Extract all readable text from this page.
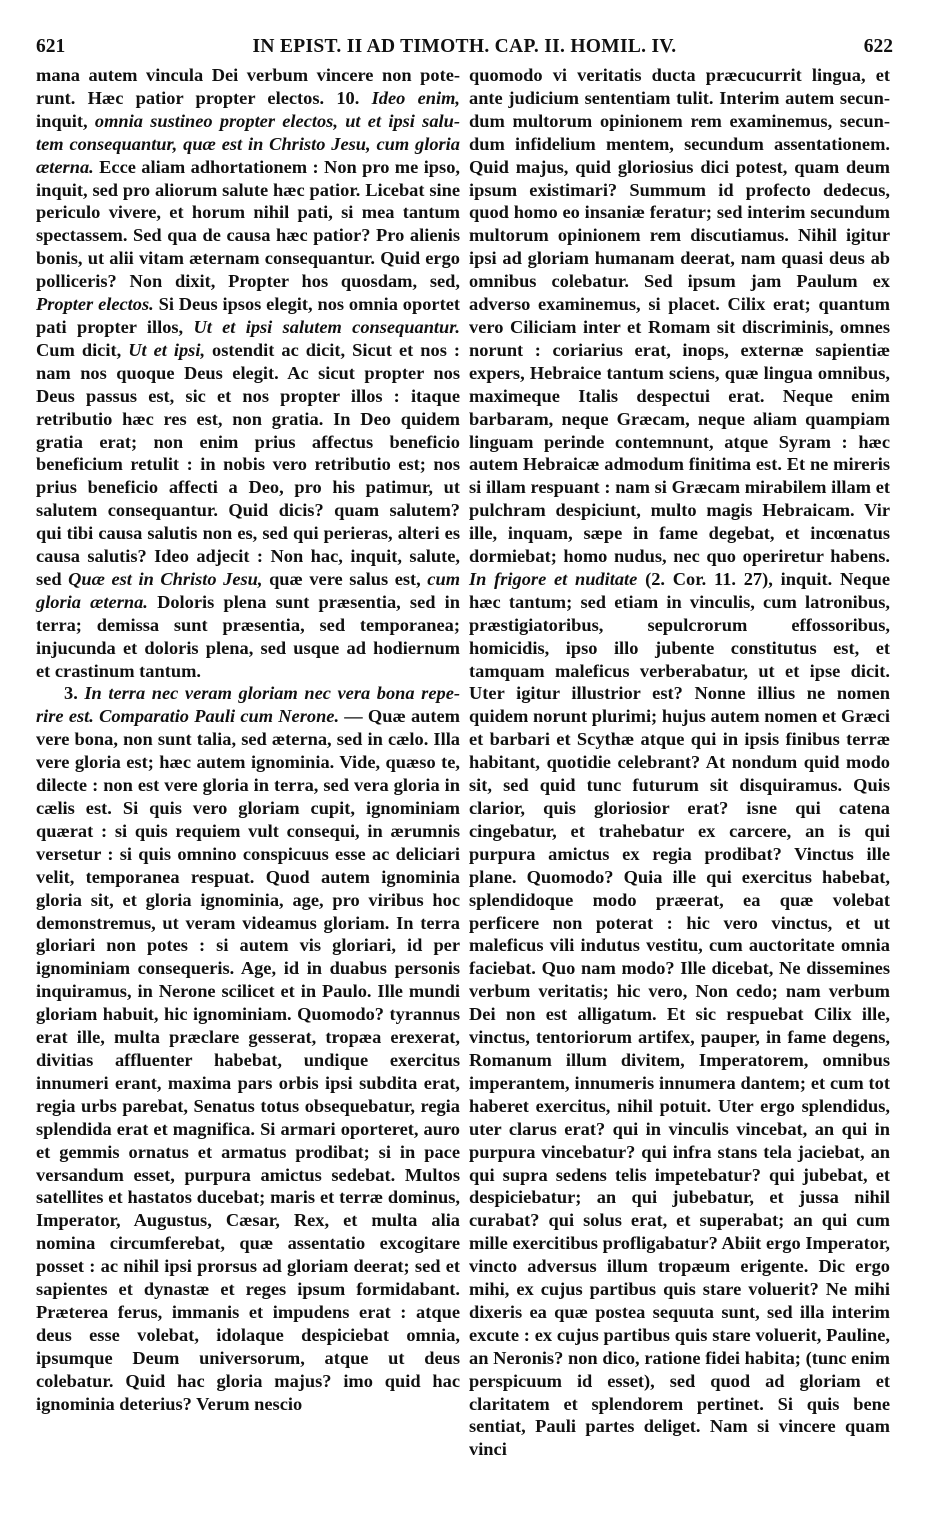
621	IN EPIST. II AD TIMOTH. CAP. II. HOMIL. IV.	622

mana autem vincula Dei verbum vincere non poterunt. Hæc patior propter electos. 10. Ideo enim, inquit, omnia sustineo propter electos, ut et ipsi salutem consequantur, quæ est in Christo Jesu, cum gloria æterna. Ecce aliam adhortationem : Non pro me ipso, inquit, sed pro aliorum salute hæc patior. Licebat sine periculo vivere, et horum nihil pati, si mea tantum spectassem. Sed qua de causa hæc patior? Pro alienis bonis, ut alii vitam æternam consequantur. Quid ergo polliceris? Non dixit, Propter hos quosdam, sed, Propter electos. Si Deus ipsos elegit, nos omnia oportet pati propter illos, Ut et ipsi salutem consequantur. Cum dicit, Ut et ipsi, ostendit ac dicit, Sicut et nos : nam nos quoque Deus elegit. Ac sicut propter nos Deus passus est, sic et nos propter illos : itaque retributio hæc res est, non gratia. In Deo quidem gratia erat; non enim prius affectus beneficio beneficium retulit : in nobis vero retributio est; nos prius beneficio affecti a Deo, pro his patimur, ut salutem consequantur. Quid dicis? quam salutem? qui tibi causa salutis non es, sed qui perieras, alteri es causa salutis? Ideo adjecit : Non hac, inquit, salute, sed Quæ est in Christo Jesu, quæ vere salus est, cum gloria æterna. Doloris plena sunt præsentia, sed in terra; demissa sunt præsentia, sed temporanea; injucunda et doloris plena, sed usque ad hodiernum et crastinum tantum.

3. In terra nec veram gloriam nec vera bona reperire est. Comparatio Pauli cum Nerone. — Quæ autem vere bona, non sunt talia, sed æterna, sed in cælo. Illa vere gloria est; hæc autem ignominia. Vide, quæso te, dilecte : non est vere gloria in terra, sed vera gloria in cælis est. Si quis vero gloriam cupit, ignominiam quærat : si quis requiem vult consequi, in ærumnis versetur : si quis omnino conspicuus esse ac deliciari velit, temporanea respuat. Quod autem ignominia gloria sit, et gloria ignominia, age, pro viribus hoc demonstremus, ut veram videamus gloriam. In terra gloriari non potes : si autem vis gloriari, id per ignominiam consequeris. Age, id in duabus personis inquiramus, in Nerone scilicet et in Paulo. Ille mundi gloriam habuit, hic ignominiam. Quomodo? tyrannus erat ille, multa præclare gesserat, tropæa erexerat, divitias affluenter habebat, undique exercitus innumeri erant, maxima pars orbis ipsi subdita erat, regia urbs parebat, Senatus totus obsequebatur, regia splendida erat et magnifica. Si armari oporteret, auro et gemmis ornatus et armatus prodibat; si in pace versandum esset, purpura amictus sedebat. Multos satellites et hastatos ducebat; maris et terræ dominus, Imperator, Augustus, Cæsar, Rex, et multa alia nomina circumferebat, quæ assentatio excogitare posset : ac nihil ipsi prorsus ad gloriam deerat; sed et sapientes et dynastæ et reges ipsum formidabant. Præterea ferus, immanis et impudens erat : atque deus esse volebat, idolaque despiciebat omnia, ipsumque Deum universorum, atque ut deus colebatur. Quid hac gloria majus? imo quid hac ignominia deterius? Verum nescio

quomodo vi veritatis ducta præcucurrit lingua, et ante judicium sententiam tulit. Interim autem secundum multorum opinionem rem examinemus, secundum infidelium mentem, secundum assentationem. Quid majus, quid gloriosius dici potest, quam deum ipsum existimari? Summum id profecto dedecus, quod homo eo insaniæ feratur; sed interim secundum multorum opinionem rem discutiamus. Nihil igitur ipsi ad gloriam humanam deerat, nam quasi deus ab omnibus colebatur. Sed ipsum jam Paulum ex adverso examinemus, si placet. Cilix erat; quantum vero Ciliciam inter et Romam sit discriminis, omnes norunt : coriarius erat, inops, externæ sapientiæ expers, Hebraice tantum sciens, quæ lingua omnibus, maximeque Italis despectui erat. Neque enim barbaram, neque Græcam, neque aliam quampiam linguam perinde contemnunt, atque Syram : hæc autem Hebraicæ admodum finitima est. Et ne mireris si illam respuant : nam si Græcam mirabilem illam et pulchram despiciunt, multo magis Hebraicam. Vir ille, inquam, sæpe in fame degebat, et incœnatus dormiebat; homo nudus, nec quo operiretur habens. In frigore et nuditate (2. Cor. 11. 27), inquit. Neque hæc tantum; sed etiam in vinculis, cum latronibus, præstigiatoribus, sepulcrorum effossoribus, homicidis, ipso illo jubente constitutus est, et tamquam maleficus verberabatur, ut et ipse dicit. Uter igitur illustrior est? Nonne illius ne nomen quidem norunt plurimi; hujus autem nomen et Græci et barbari et Scythæ atque qui in ipsis finibus terræ habitant, quotidie celebrant? At nondum quid modo sit, sed quid tunc futurum sit disquiramus. Quis clarior, quis gloriosior erat? isne qui catena cingebatur, et trahebatur ex carcere, an is qui purpura amictus ex regia prodibat? Vinctus ille plane. Quomodo? Quia ille qui exercitus habebat, splendidoque modo præerat, ea quæ volebat perficere non poterat : hic vero vinctus, et ut maleficus vili indutus vestitu, cum auctoritate omnia faciebat. Quo nam modo? Ille dicebat, Ne dissemines verbum veritatis; hic vero, Non cedo; nam verbum Dei non est alligatum. Et sic respuebat Cilix ille, vinctus, tentoriorum artifex, pauper, in fame degens, Romanum illum divitem, Imperatorem, omnibus imperantem, innumeris innumera dantem; et cum tot haberet exercitus, nihil potuit. Uter ergo splendidus, uter clarus erat? qui in vinculis vincebat, an qui in purpura vincebatur? qui infra stans tela jaciebat, an qui supra sedens telis impetebatur? qui jubebat, et despiciebatur; an qui jubebatur, et jussa nihil curabat? qui solus erat, et superabat; an qui cum mille exercitibus profligabatur? Abiit ergo Imperator, vincto adversus illum tropæum erigente. Dic ergo mihi, ex cujus partibus quis stare voluerit? Ne mihi dixeris ea quæ postea sequuta sunt, sed illa interim excute : ex cujus partibus quis stare voluerit, Pauline, an Neronis? non dico, ratione fidei habita; (tunc enim perspicuum id esset), sed quod ad gloriam et claritatem et splendorem pertinet. Si quis bene sentiat, Pauli partes deliget. Nam si vincere quam vinci
